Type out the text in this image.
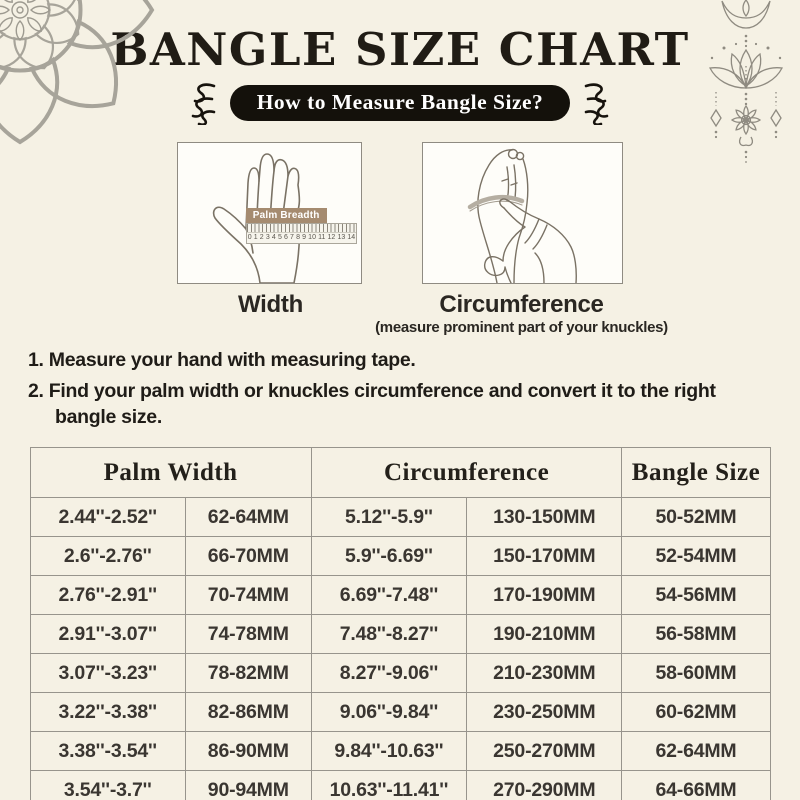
BANGLE SIZE CHART
How to Measure Bangle Size?
Palm Breadth
0 1 2 3 4 5 6 7 8 9 10 11 12 13 14
Width	Circumference
(measure prominent part of your knuckles)

1. Measure your hand with measuring tape.

2. Find your palm width or knuckles circumference and convert it to the right bangle size.

Palm Width		Circumference		Bangle Size
2.44''-2.52''	62-64MM	5.12''-5.9''	130-150MM	50-52MM
2.6''-2.76''	66-70MM	5.9''-6.69''	150-170MM	52-54MM
2.76''-2.91''	70-74MM	6.69''-7.48''	170-190MM	54-56MM
2.91''-3.07''	74-78MM	7.48''-8.27''	190-210MM	56-58MM
3.07''-3.23''	78-82MM	8.27''-9.06''	210-230MM	58-60MM
3.22''-3.38''	82-86MM	9.06''-9.84''	230-250MM	60-62MM
3.38''-3.54''	86-90MM	9.84''-10.63''	250-270MM	62-64MM
3.54''-3.7''	90-94MM	10.63''-11.41''	270-290MM	64-66MM
